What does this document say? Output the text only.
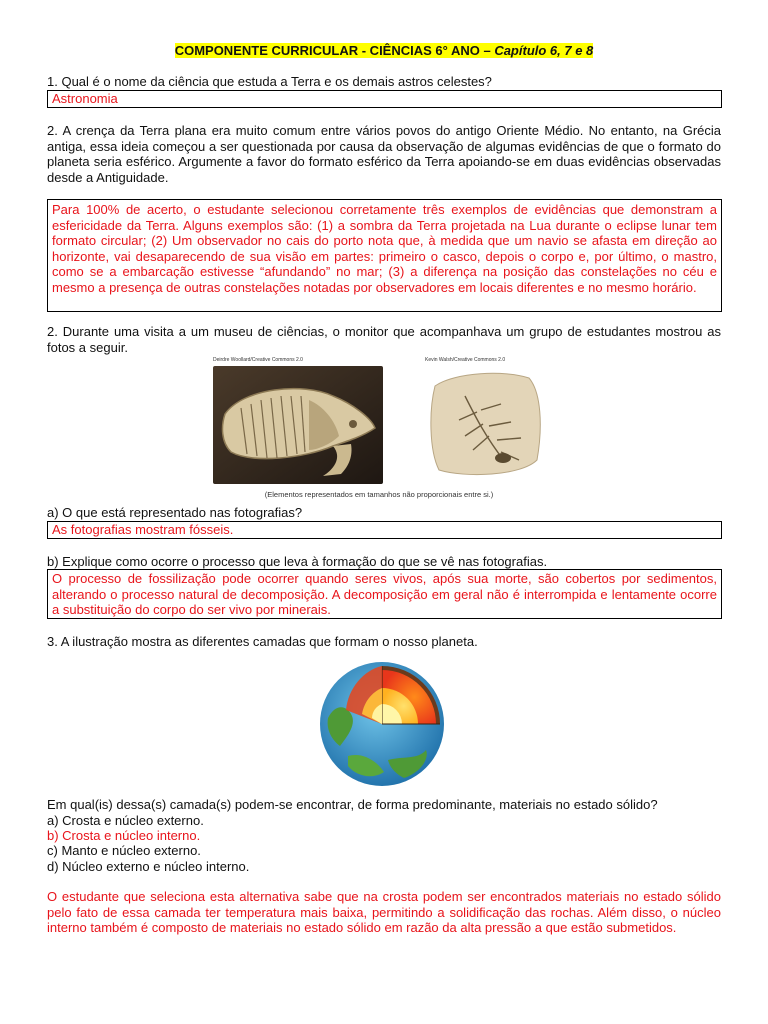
COMPONENTE CURRICULAR - CIÊNCIAS 6° ANO – Capítulo 6, 7 e 8
1. Qual é o nome da ciência que estuda a Terra e os demais astros celestes?
Astronomia
2. A crença da Terra plana era muito comum entre vários povos do antigo Oriente Médio. No entanto, na Grécia antiga, essa ideia começou a ser questionada por causa da observação de algumas evidências de que o formato do planeta seria esférico. Argumente a favor do formato esférico da Terra apoiando-se em duas evidências observadas desde a Antiguidade.
Para 100% de acerto, o estudante selecionou corretamente três exemplos de evidências que demonstram a esfericidade da Terra. Alguns exemplos são: (1) a sombra da Terra projetada na Lua durante o eclipse lunar tem formato circular; (2) Um observador no cais do porto nota que, à medida que um navio se afasta em direção ao horizonte, vai desaparecendo de sua visão em partes: primeiro o casco, depois o corpo e, por último, o mastro, como se a embarcação estivesse “afundando” no mar; (3) a diferença na posição das constelações no céu e mesmo a presença de outras constelações notadas por observadores em locais diferentes e no mesmo horário.
2. Durante uma visita a um museu de ciências, o monitor que acompanhava um grupo de estudantes mostrou as fotos a seguir.
Deirdre Woollard/Creative Commons 2.0	Kevin Walsh/Creative Commons 2.0
(Elementos representados em tamanhos não proporcionais entre si.)
a) O que está representado nas fotografias?
As fotografias mostram fósseis.
b) Explique como ocorre o processo que leva à formação do que se vê nas fotografias.
O processo de fossilização pode ocorrer quando seres vivos, após sua morte, são cobertos por sedimentos, alterando o processo natural de decomposição. A decomposição em geral não é interrompida e lentamente ocorre a substituição do corpo do ser vivo por minerais.
3. A ilustração mostra as diferentes camadas que formam o nosso planeta.
Em qual(is) dessa(s) camada(s) podem-se encontrar, de forma predominante, materiais no estado sólido?
a) Crosta e núcleo externo.
b) Crosta e núcleo interno.
c) Manto e núcleo externo.
d) Núcleo externo e núcleo interno.
O estudante que seleciona esta alternativa sabe que na crosta podem ser encontrados materiais no estado sólido pelo fato de essa camada ter temperatura mais baixa, permitindo a solidificação das rochas. Além disso, o núcleo interno também é composto de materiais no estado sólido em razão da alta pressão a que estão submetidos.
